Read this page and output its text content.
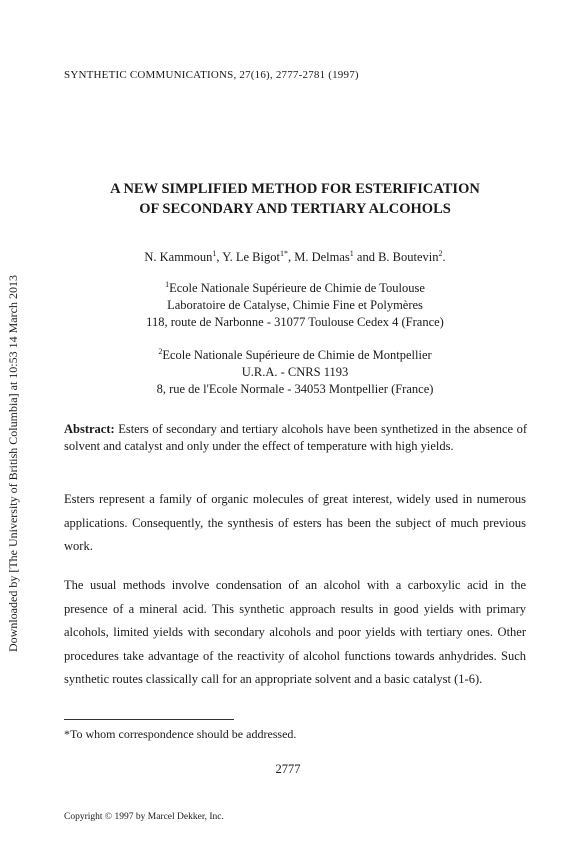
SYNTHETIC COMMUNICATIONS, 27(16), 2777-2781 (1997)
Downloaded by [The University of British Columbia] at 10:53 14 March 2013
A NEW SIMPLIFIED METHOD FOR ESTERIFICATION
OF SECONDARY AND TERTIARY ALCOHOLS
N. Kammoun$^1$, Y. Le Bigot$^{1*}$, M. Delmas$^1$ and B. Boutevin$^2$.
$^1$Ecole Nationale Supérieure de Chimie de Toulouse
Laboratoire de Catalyse, Chimie Fine et Polymères
118, route de Narbonne - 31077 Toulouse Cedex 4 (France)
$^2$Ecole Nationale Supérieure de Chimie de Montpellier
U.R.A. - CNRS 1193
8, rue de l'Ecole Normale - 34053 Montpellier (France)
Abstract: Esters of secondary and tertiary alcohols have been synthetized in the absence of solvent and catalyst and only under the effect of temperature with high yields.
Esters represent a family of organic molecules of great interest, widely used in numerous applications. Consequently, the synthesis of esters has been the subject of much previous work.
The usual methods involve condensation of an alcohol with a carboxylic acid in the presence of a mineral acid. This synthetic approach results in good yields with primary alcohols, limited yields with secondary alcohols and poor yields with tertiary ones. Other procedures take advantage of the reactivity of alcohol functions towards anhydrides. Such synthetic routes classically call for an appropriate solvent and a basic catalyst (1-6).
*To whom correspondence should be addressed.
2777
Copyright © 1997 by Marcel Dekker, Inc.
